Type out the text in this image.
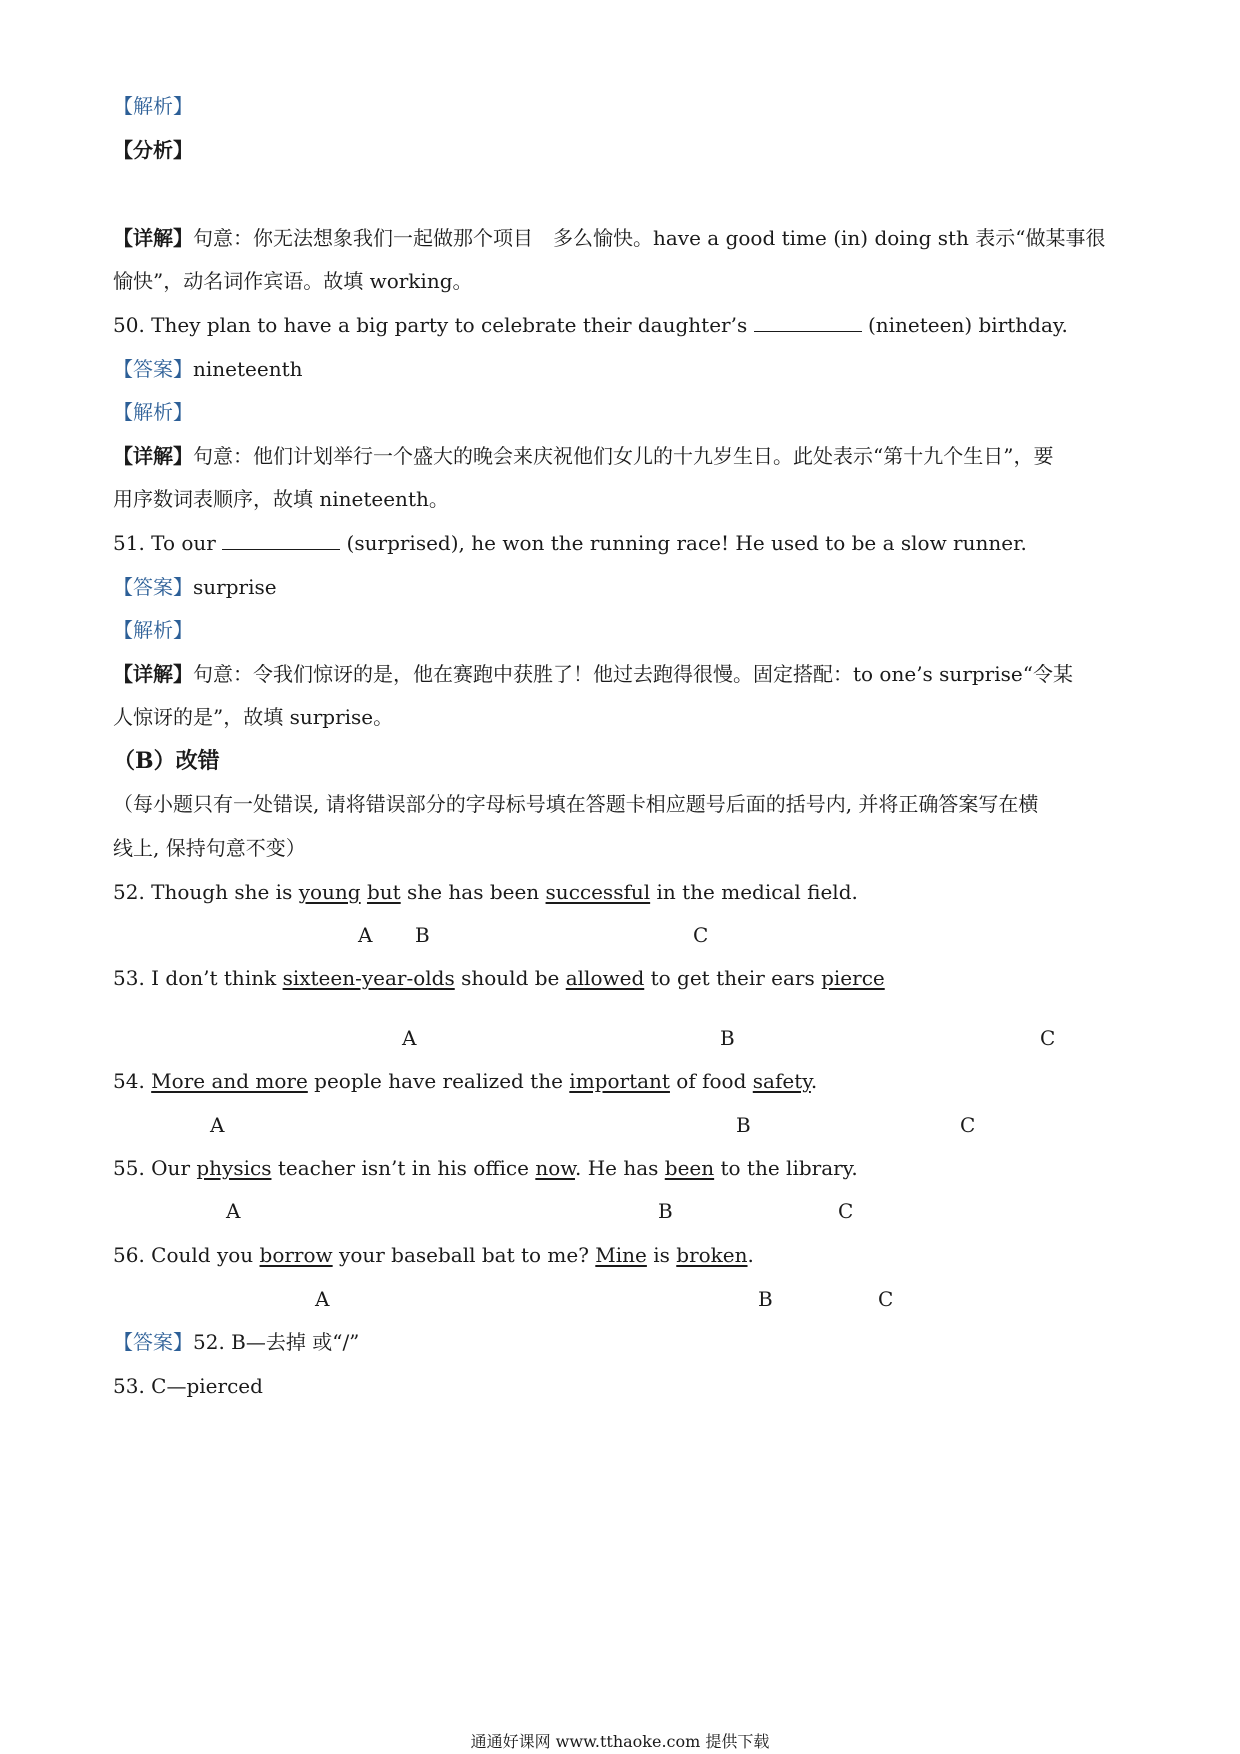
【解析】
【分析】
【详解】句意：你无法想象我们一起做那个项目　多么愉快。have a good time (in) doing sth 表示“做某事很
愉快”，动名词作宾语。故填 working。
50. They plan to have a big party to celebrate their daughter’s	(nineteen) birthday.
【答案】nineteenth
【解析】
【详解】句意：他们计划举行一个盛大的晚会来庆祝他们女儿的十九岁生日。此处表示“第十九个生日”，要
用序数词表顺序，故填 nineteenth。
51. To our	(surprised), he won the running race! He used to be a slow runner.
【答案】surprise
【解析】
【详解】句意：令我们惊讶的是，他在赛跑中获胜了！他过去跑得很慢。固定搭配：to one’s surprise“令某
人惊讶的是”，故填 surprise。
（B）改错
（每小题只有一处错误, 请将错误部分的字母标号填在答题卡相应题号后面的括号内, 并将正确答案写在横
线上, 保持句意不变）
52. Though she is young but she has been successful in the medical field.
A B	C
53. I don’t think sixteen-year-olds should be allowed to get their ears pierce
A	B	C
54. More and more people have realized the important of food safety.
A	B	C
55. Our physics teacher isn’t in his office now. He has been to the library.
A	B	C
56. Could you borrow your baseball bat to me? Mine is broken.
A	B	C
【答案】52. B—去掉 或“/”
53. C—pierced
通通好课网 www.tthaoke.com 提供下载
